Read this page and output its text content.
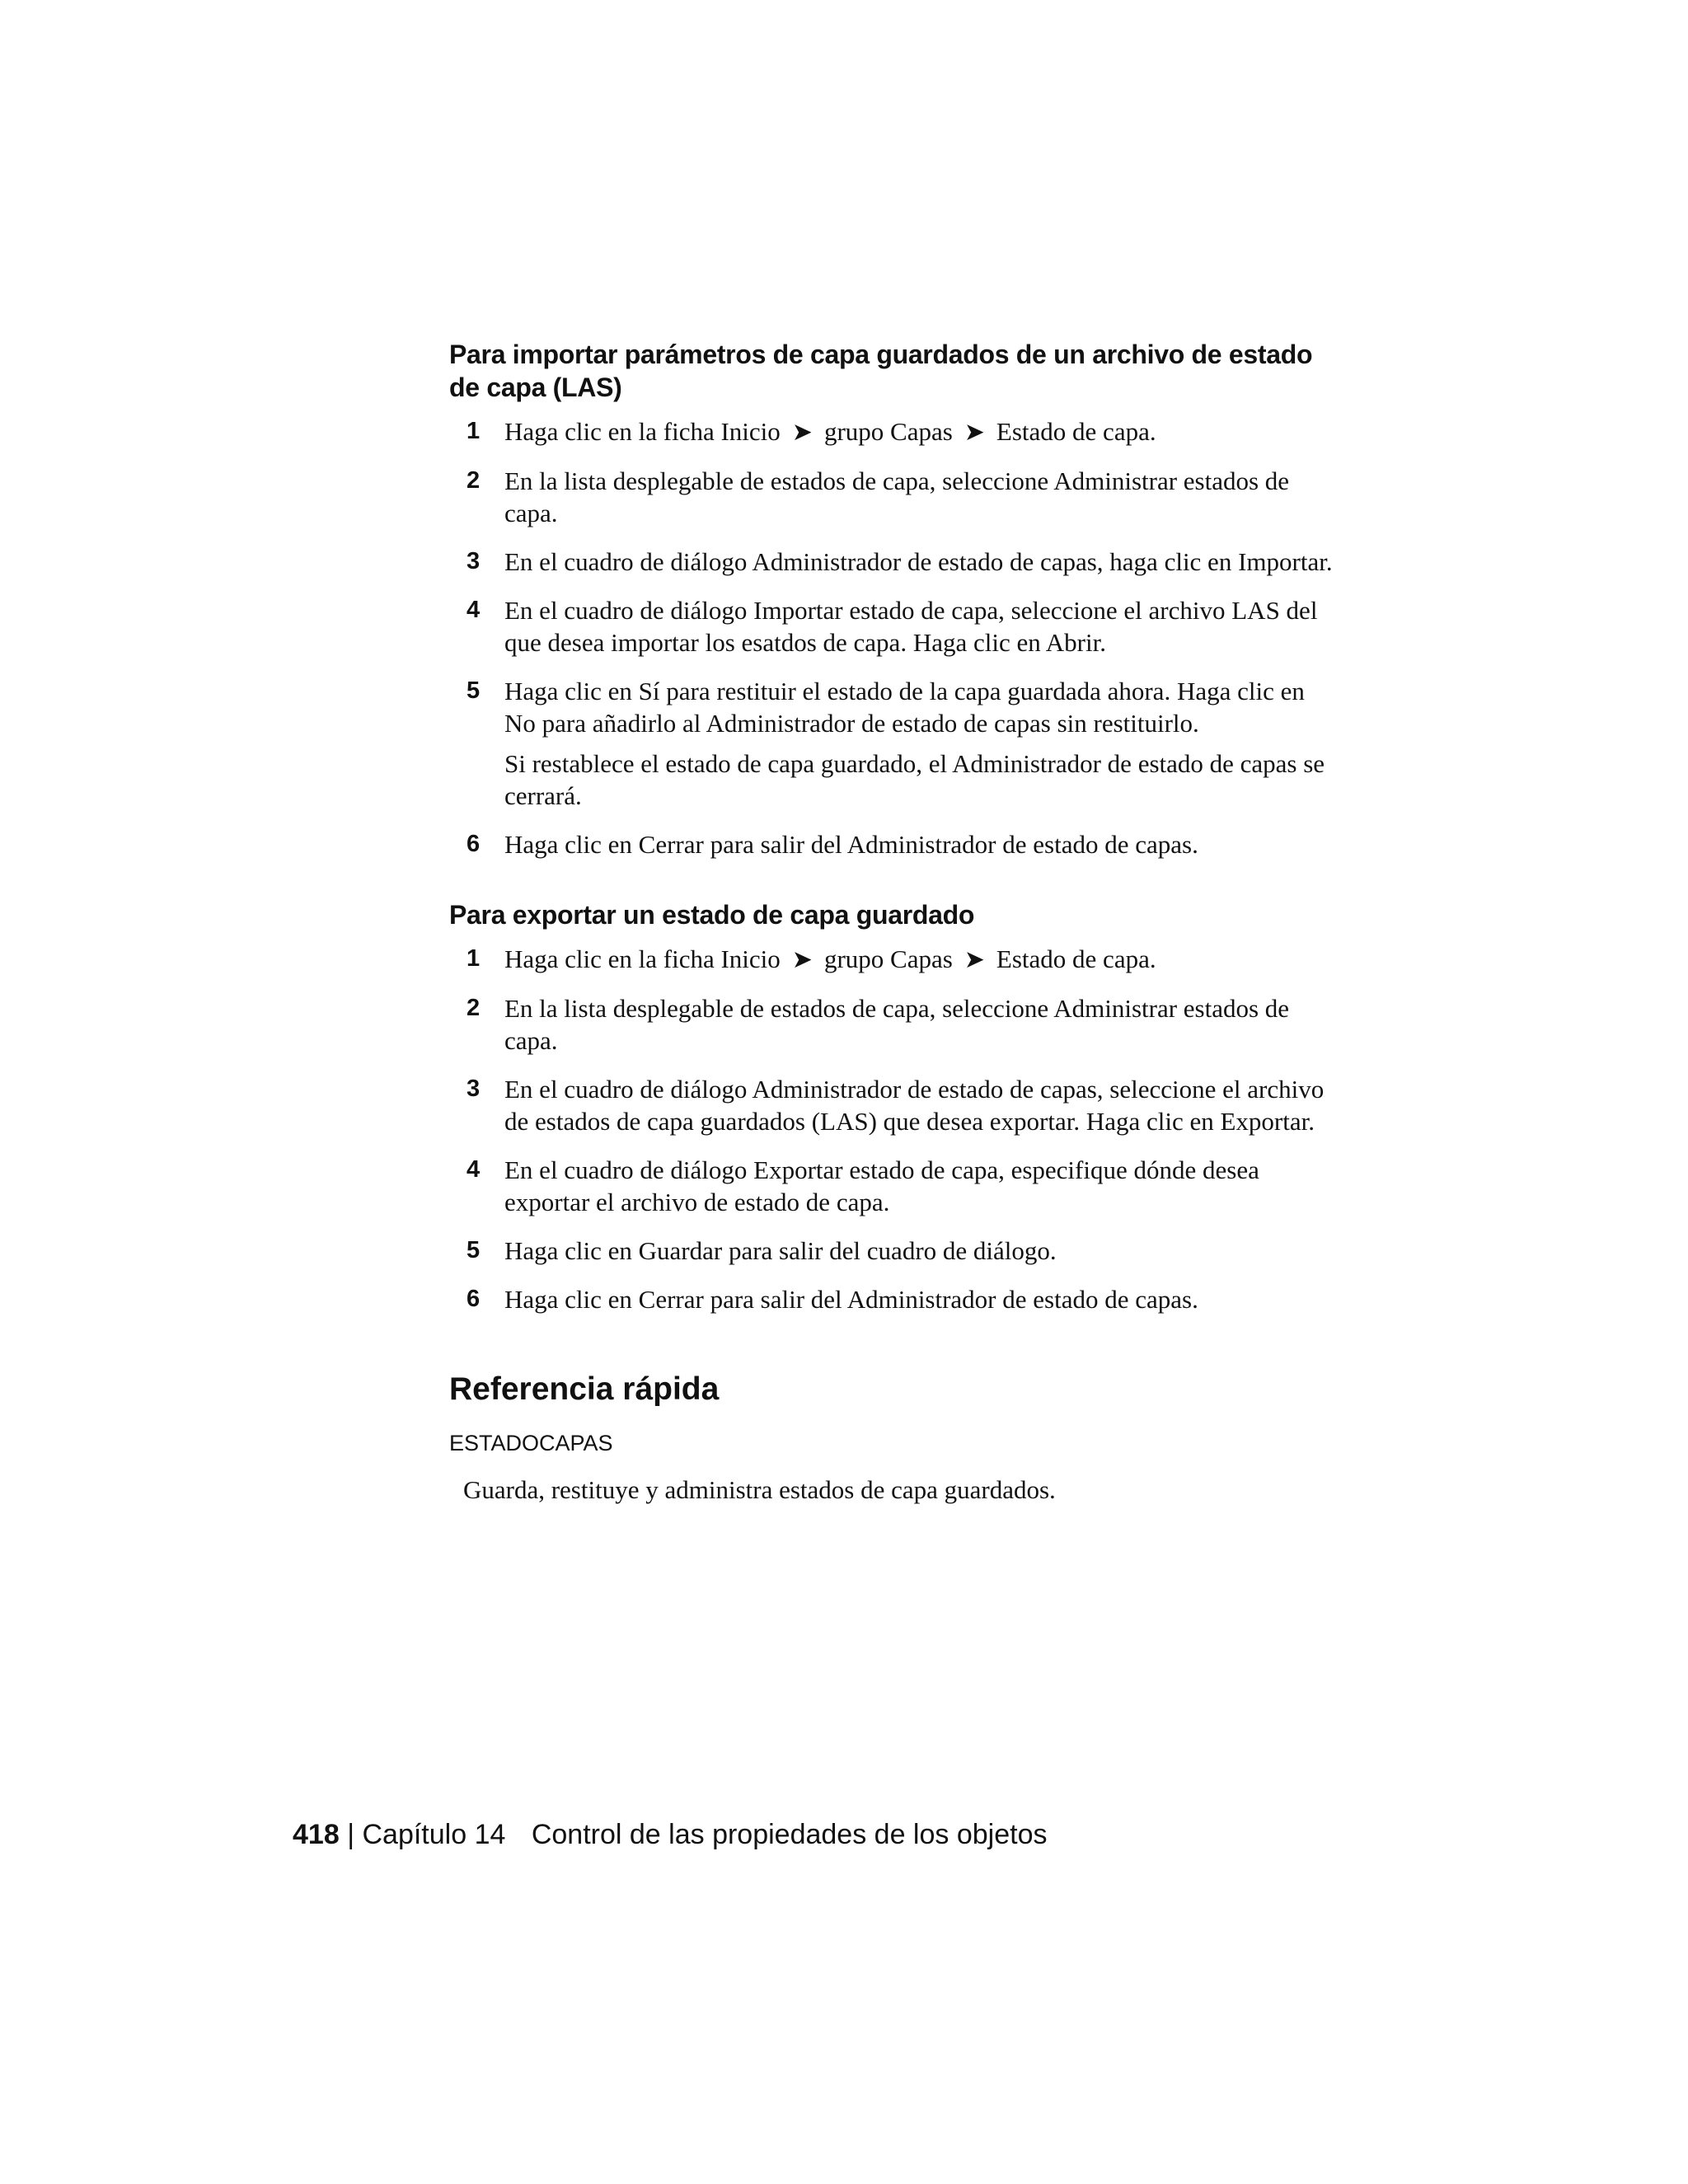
Para importar parámetros de capa guardados de un archivo de estado de capa (LAS)
1 Haga clic en la ficha Inicio ➤ grupo Capas ➤ Estado de capa.
2 En la lista desplegable de estados de capa, seleccione Administrar estados de capa.
3 En el cuadro de diálogo Administrador de estado de capas, haga clic en Importar.
4 En el cuadro de diálogo Importar estado de capa, seleccione el archivo LAS del que desea importar los esatdos de capa. Haga clic en Abrir.
5 Haga clic en Sí para restituir el estado de la capa guardada ahora. Haga clic en No para añadirlo al Administrador de estado de capas sin restituirlo.
Si restablece el estado de capa guardado, el Administrador de estado de capas se cerrará.
6 Haga clic en Cerrar para salir del Administrador de estado de capas.
Para exportar un estado de capa guardado
1 Haga clic en la ficha Inicio ➤ grupo Capas ➤ Estado de capa.
2 En la lista desplegable de estados de capa, seleccione Administrar estados de capa.
3 En el cuadro de diálogo Administrador de estado de capas, seleccione el archivo de estados de capa guardados (LAS) que desea exportar. Haga clic en Exportar.
4 En el cuadro de diálogo Exportar estado de capa, especifique dónde desea exportar el archivo de estado de capa.
5 Haga clic en Guardar para salir del cuadro de diálogo.
6 Haga clic en Cerrar para salir del Administrador de estado de capas.
Referencia rápida
ESTADOCAPAS
Guarda, restituye y administra estados de capa guardados.
418 | Capítulo 14 Control de las propiedades de los objetos
